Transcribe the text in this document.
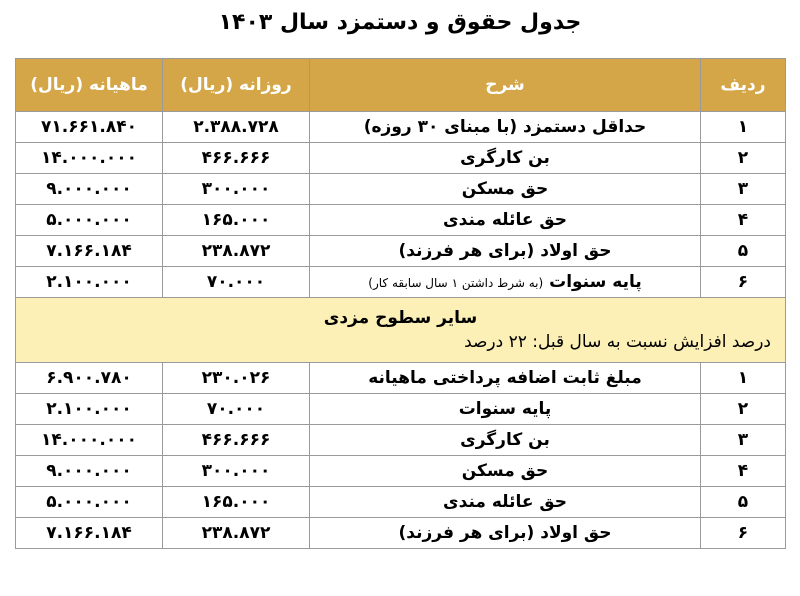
جدول حقوق و دستمزد سال ۱۴۰۳
ردیف	شرح	روزانه (ریال)	ماهیانه (ریال)
۱	حداقل دستمزد (با مبنای ۳۰ روزه)	۲.۳۸۸.۷۲۸	۷۱.۶۶۱.۸۴۰
۲	بن کارگری	۴۶۶.۶۶۶	۱۴.۰۰۰.۰۰۰
۳	حق مسکن	۳۰۰.۰۰۰	۹.۰۰۰.۰۰۰
۴	حق عائله مندی	۱۶۵.۰۰۰	۵.۰۰۰.۰۰۰
۵	حق اولاد (برای هر فرزند)	۲۳۸.۸۷۲	۷.۱۶۶.۱۸۴
۶	پایه سنوات (به شرط داشتن ۱ سال سابقه کار)	۷۰.۰۰۰	۲.۱۰۰.۰۰۰

سایر سطوح مزدی
درصد افزایش نسبت به سال قبل: ۲۲ درصد			

۱	مبلغ ثابت اضافه پرداختی ماهیانه	۲۳۰.۰۲۶	۶.۹۰۰.۷۸۰
۲	پایه سنوات	۷۰.۰۰۰	۲.۱۰۰.۰۰۰
۳	بن کارگری	۴۶۶.۶۶۶	۱۴.۰۰۰.۰۰۰
۴	حق مسکن	۳۰۰.۰۰۰	۹.۰۰۰.۰۰۰
۵	حق عائله مندی	۱۶۵.۰۰۰	۵.۰۰۰.۰۰۰
۶	حق اولاد (برای هر فرزند)	۲۳۸.۸۷۲	۷.۱۶۶.۱۸۴
